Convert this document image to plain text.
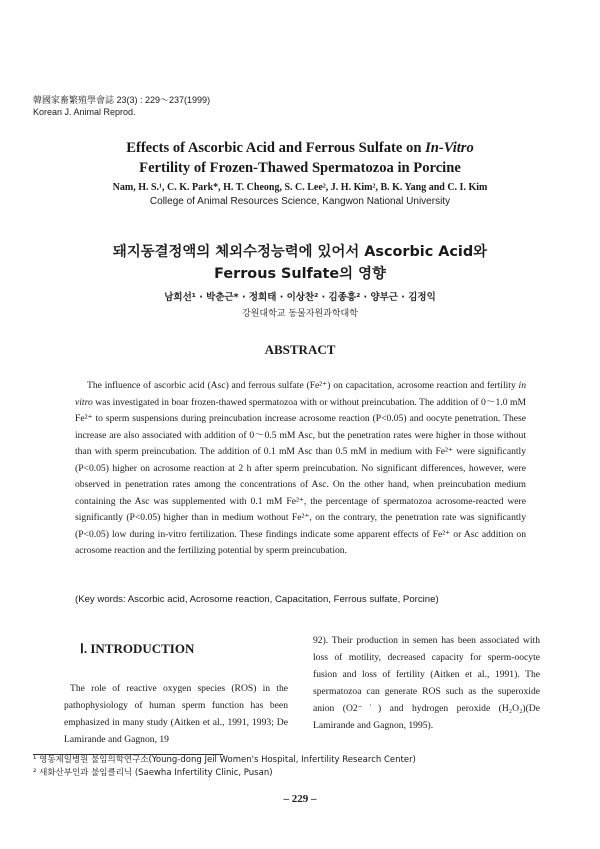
韓國家畜繁殖學會誌 23(3) : 229～237(1999)
Korean J. Animal Reprod.
Effects of Ascorbic Acid and Ferrous Sulfate on In-Vitro
Fertility of Frozen-Thawed Spermatozoa in Porcine
Nam, H. S.¹, C. K. Park*, H. T. Cheong, S. C. Lee², J. H. Kim², B. K. Yang and C. I. Kim
College of Animal Resources Science, Kangwon National University
돼지동결정액의 체외수정능력에 있어서 Ascorbic Acid와
Ferrous Sulfate의 영향
남희선¹ · 박춘근* · 정희태 · 이상찬² · 김종흥² · 양부근 · 김정익
강원대학교 동물자원과학대학
ABSTRACT
The influence of ascorbic acid (Asc) and ferrous sulfate (Fe²⁺) on capacitation, acrosome reaction and fertility in vitro was investigated in boar frozen-thawed spermatozoa with or without preincubation. The addition of 0～1.0 mM Fe²⁺ to sperm suspensions during preincubation increase acrosome reaction (P<0.05) and oocyte penetration. These increase are also associated with addition of 0～0.5 mM Asc, but the penetration rates were higher in those without than with sperm preincubation. The addition of 0.1 mM Asc than 0.5 mM in medium with Fe²⁺ were significantly (P<0.05) higher on acrosome reaction at 2 h after sperm preincubation. No significant differences, however, were observed in penetration rates among the concentrations of Asc. On the other hand, when preincubation medium containing the Asc was supplemented with 0.1 mM Fe²⁺, the percentage of spermatozoa acrosome-reacted were significantly (P<0.05) higher than in medium wothout Fe²⁺, on the contrary, the penetration rate was significantly (P<0.05) low during in-vitro fertilization. These findings indicate some apparent effects of Fe²⁺ or Asc addition on acrosome reaction and the fertilizing potential by sperm preincubation.
(Key words: Ascorbic acid, Acrosome reaction, Capacitation, Ferrous sulfate, Porcine)
Ⅰ. INTRODUCTION
The role of reactive oxygen species (ROS) in the pathophysiology of human sperm function has been emphasized in many study (Aitken et al., 1991, 1993; De Lamirande and Gagnon, 19
92). Their production in semen has been associated with loss of motility, decreased capacity for sperm-oocyte fusion and loss of fertility (Aitken et al., 1991). The spermatozoa can generate ROS such as the superoxide anion (O2⁻˙) and hydrogen peroxide (H₂O₂)(De Lamirande and Gagnon, 1995).
¹ 영동제일병원 불임의학연구소(Young-dong Jeil Women's Hospital, Infertility Research Center)
² 새화산부인과 불임클리닉 (Saewha Infertility Clinic, Pusan)
– 229 –
